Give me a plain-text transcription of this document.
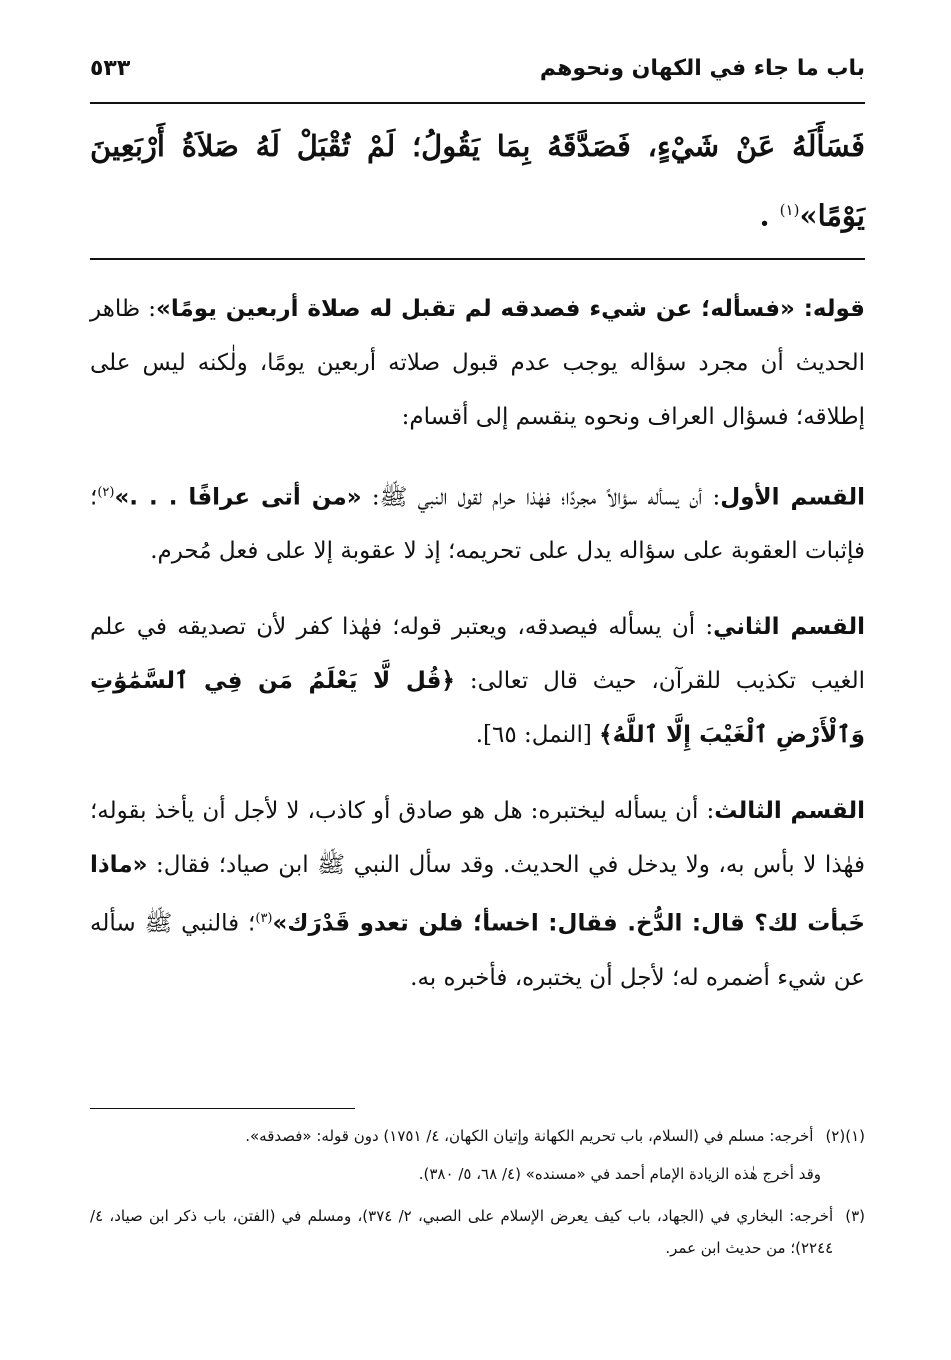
باب ما جاء في الكهان ونحوهم
٥٣٣
فَسَأَلَهُ عَنْ شَيْءٍ، فَصَدَّقَهُ بِمَا يَقُولُ؛ لَمْ تُقْبَلْ لَهُ صَلاَةُ أَرْبَعِينَ يَوْمًا»$^{(١)}$ .

قوله: «فسأله؛ عن شيء فصدقه لم تقبل له صلاة أربعين يومًا»: ظاهر الحديث أن مجرد سؤاله يوجب عدم قبول صلاته أربعين يومًا، ولٰكنه ليس على إطلاقه؛ فسؤال العراف ونحوه ينقسم إلى أقسام:

القسم الأول: أن يسأله سؤالاً مجردًا؛ فهٰذا حرام لقول النبي ﷺ: «من أتى عرافًا . . .»$^{(٢)}$؛ فإثبات العقوبة على سؤاله يدل على تحريمه؛ إذ لا عقوبة إلا على فعل مُحرم.

القسم الثاني: أن يسأله فيصدقه، ويعتبر قوله؛ فهٰذا كفر لأن تصديقه في علم الغيب تكذيب للقرآن، حيث قال تعالى: ﴿قُل لَّا يَعْلَمُ مَن فِي ٱلسَّمَٰوَٰتِ وَٱلْأَرْضِ ٱلْغَيْبَ إِلَّا ٱللَّهُ﴾ [النمل: ٦٥].

القسم الثالث: أن يسأله ليختبره: هل هو صادق أو كاذب، لا لأجل أن يأخذ بقوله؛ فهٰذا لا بأس به، ولا يدخل في الحديث. وقد سأل النبي ﷺ ابن صياد؛ فقال: «ماذا خَبأت لك؟ قال: الدُّخ. فقال: اخسأ؛ فلن تعدو قَدْرَك»$^{(٣)}$؛ فالنبي ﷺ سأله عن شيء أضمره له؛ لأجل أن يختبره، فأخبره به.

(١)(٢)
أخرجه: مسلم في (السلام، باب تحريم الكهانة وإتيان الكهان، ٤/ ١٧٥١) دون قوله: «فصدقه».
وقد أخرج هٰذه الزيادة الإمام أحمد في «مسنده» (٤/ ٦٨، ٥/ ٣٨٠).
(٣)
أخرجه: البخاري في (الجهاد، باب كيف يعرض الإسلام على الصبي، ٢/ ٣٧٤)، ومسلم في (الفتن، باب ذكر ابن صياد، ٤/ ٢٢٤٤)؛ من حديث ابن عمر.
